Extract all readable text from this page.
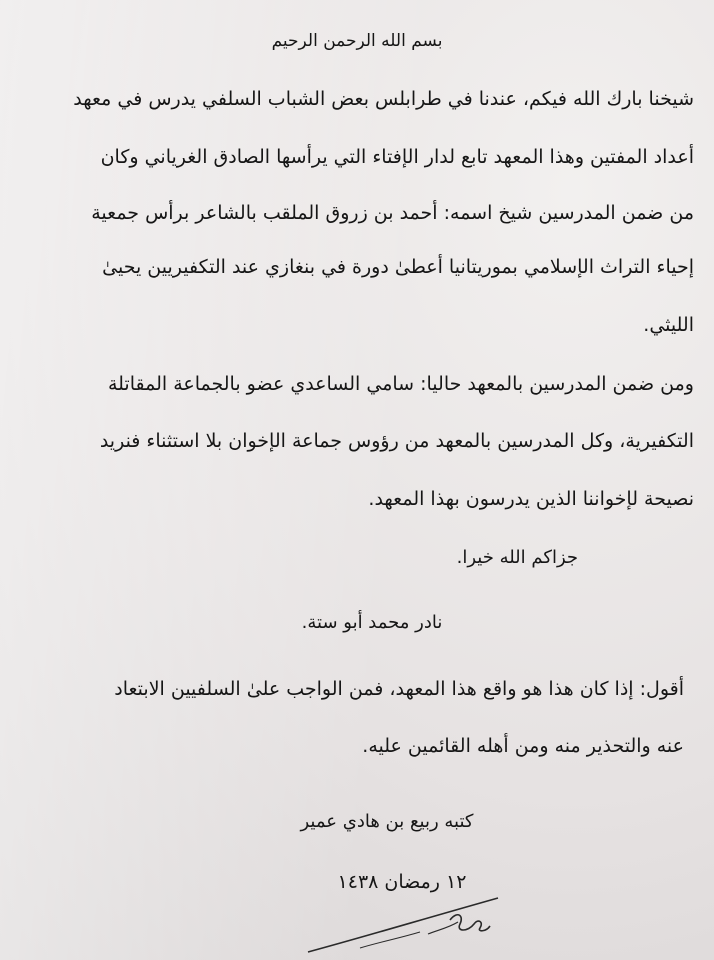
بسم الله الرحمن الرحيم

شيخنا بارك الله فيكم، عندنا في طرابلس بعض الشباب السلفي يدرس في معهد

أعداد المفتين وهذا المعهد تابع لدار الإفتاء التي يرأسها الصادق الغرياني وكان

من ضمن المدرسين شيخ اسمه: أحمد بن زروق الملقب بالشاعر برأس جمعية

إحياء التراث الإسلامي بموريتانيا أعطىٰ دورة في بنغازي عند التكفيريين يحيىٰ

الليثي.

ومن ضمن المدرسين بالمعهد حاليا: سامي الساعدي عضو بالجماعة المقاتلة

التكفيرية، وكل المدرسين بالمعهد من رؤوس جماعة الإخوان بلا استثناء فنريد

نصيحة لإخواننا الذين يدرسون بهذا المعهد.

جزاكم الله خيرا.

نادر محمد أبو ستة.

أقول: إذا كان هذا هو واقع هذا المعهد، فمن الواجب علىٰ السلفيين الابتعاد

عنه والتحذير منه ومن أهله القائمين عليه.

كتبه ربيع بن هادي عمير

١٢ رمضان ١٤٣٨
